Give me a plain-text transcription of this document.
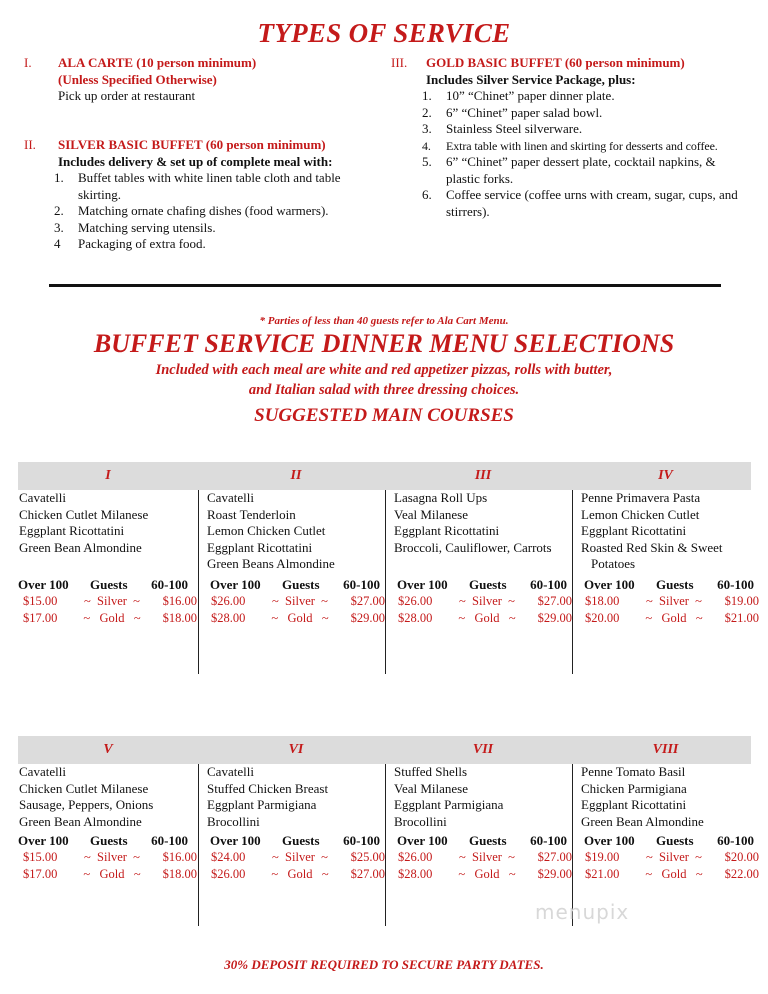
TYPES OF SERVICE
I. ALA CARTE (10 person minimum)
(Unless Specified Otherwise)
Pick up order at restaurant
II. SILVER BASIC BUFFET (60 person minimum)
Includes delivery & set up of complete meal with:
1. Buffet tables with white linen table cloth and table skirting.
2. Matching ornate chafing dishes (food warmers).
3. Matching serving utensils.
4 Packaging of extra food.
III. GOLD BASIC BUFFET (60 person minimum)
Includes Silver Service Package, plus:
1. 10” “Chinet” paper dinner plate.
2. 6” “Chinet” paper salad bowl.
3. Stainless Steel silverware.
4. Extra table with linen and skirting for desserts and coffee.
5. 6” “Chinet” paper dessert plate, cocktail napkins, & plastic forks.
6. Coffee service (coffee urns with cream, sugar, cups, and stirrers).
* Parties of less than 40 guests refer to Ala Cart Menu.
BUFFET SERVICE DINNER MENU SELECTIONS
Included with each meal are white and red appetizer pizzas, rolls with butter,
and Italian salad with three dressing choices.
SUGGESTED MAIN COURSES
I
Cavatelli
Chicken Cutlet Milanese
Eggplant Ricottatini
Green Bean Almondine
Over 100 Guests 60-100
$15.00 ~  Silver  ~ $16.00
$17.00 ~   Gold   ~ $18.00
II
Cavatelli
Roast Tenderloin
Lemon Chicken Cutlet
Eggplant Ricottatini
Green Beans Almondine
Over 100 Guests 60-100
$26.00 ~  Silver  ~ $27.00
$28.00 ~   Gold   ~ $29.00
III
Lasagna Roll Ups
Veal Milanese
Eggplant Ricottatini
Broccoli, Cauliflower, Carrots
Over 100 Guests 60-100
$26.00 ~  Silver  ~ $27.00
$28.00 ~   Gold   ~ $29.00
IV
Penne Primavera Pasta
Lemon Chicken Cutlet
Eggplant Ricottatini
Roasted Red Skin & Sweet
Potatoes
Over 100 Guests 60-100
$18.00 ~  Silver  ~ $19.00
$20.00 ~   Gold   ~ $21.00
V
Cavatelli
Chicken Cutlet Milanese
Sausage, Peppers, Onions
Green Bean Almondine
Over 100 Guests 60-100
$15.00 ~  Silver  ~ $16.00
$17.00 ~   Gold   ~ $18.00
VI
Cavatelli
Stuffed Chicken Breast
Eggplant Parmigiana
Brocollini
Over 100 Guests 60-100
$24.00 ~  Silver  ~ $25.00
$26.00 ~   Gold   ~ $27.00
VII
Stuffed Shells
Veal Milanese
Eggplant Parmigiana
Brocollini
Over 100 Guests 60-100
$26.00 ~  Silver  ~ $27.00
$28.00 ~   Gold   ~ $29.00
VIII
Penne Tomato Basil
Chicken Parmigiana
Eggplant Ricottatini
Green Bean Almondine
Over 100 Guests 60-100
$19.00 ~  Silver  ~ $20.00
$21.00 ~   Gold   ~ $22.00
30% DEPOSIT REQUIRED TO SECURE PARTY DATES.
menupix
